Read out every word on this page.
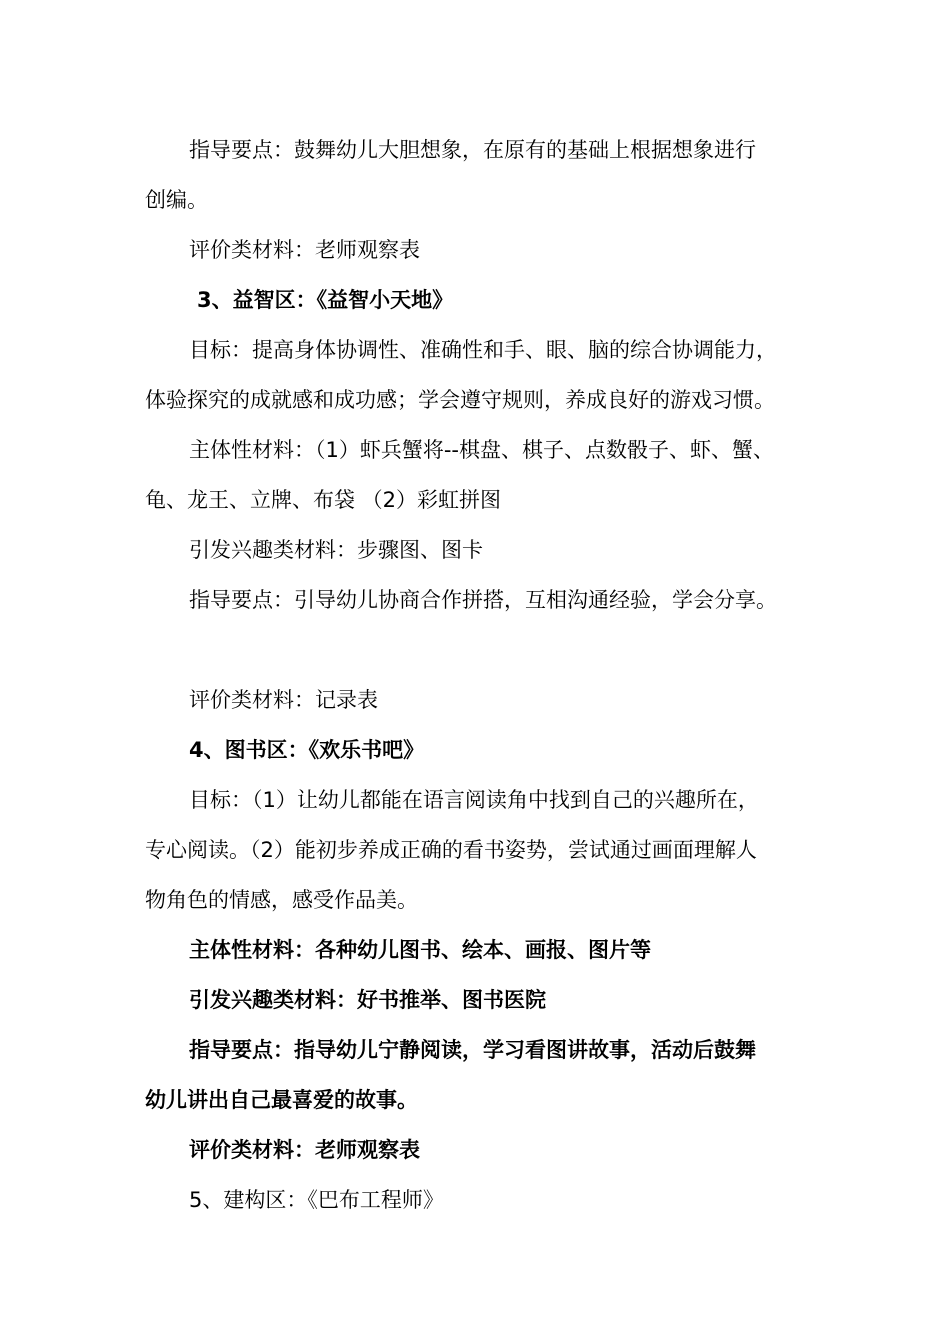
指导要点：鼓舞幼儿大胆想象，在原有的基础上根据想象进行
创编。
评价类材料：老师观察表
3、益智区：《益智小天地》
目标：提高身体协调性、准确性和手、眼、脑的综合协调能力，
体验探究的成就感和成功感；学会遵守规则，养成良好的游戏习惯。
主体性材料：（1）虾兵蟹将--棋盘、棋子、点数骰子、虾、蟹、
龟、龙王、立牌、布袋 （2）彩虹拼图
引发兴趣类材料：步骤图、图卡
指导要点：引导幼儿协商合作拼搭，互相沟通经验，学会分享。
评价类材料：记录表
4、图书区：《欢乐书吧》
目标：（1）让幼儿都能在语言阅读角中找到自己的兴趣所在，
专心阅读。（2）能初步养成正确的看书姿势，尝试通过画面理解人
物角色的情感，感受作品美。
主体性材料：各种幼儿图书、绘本、画报、图片等
引发兴趣类材料：好书推举、图书医院
指导要点：指导幼儿宁静阅读，学习看图讲故事，活动后鼓舞
幼儿讲出自己最喜爱的故事。
评价类材料：老师观察表
5、建构区：《巴布工程师》
